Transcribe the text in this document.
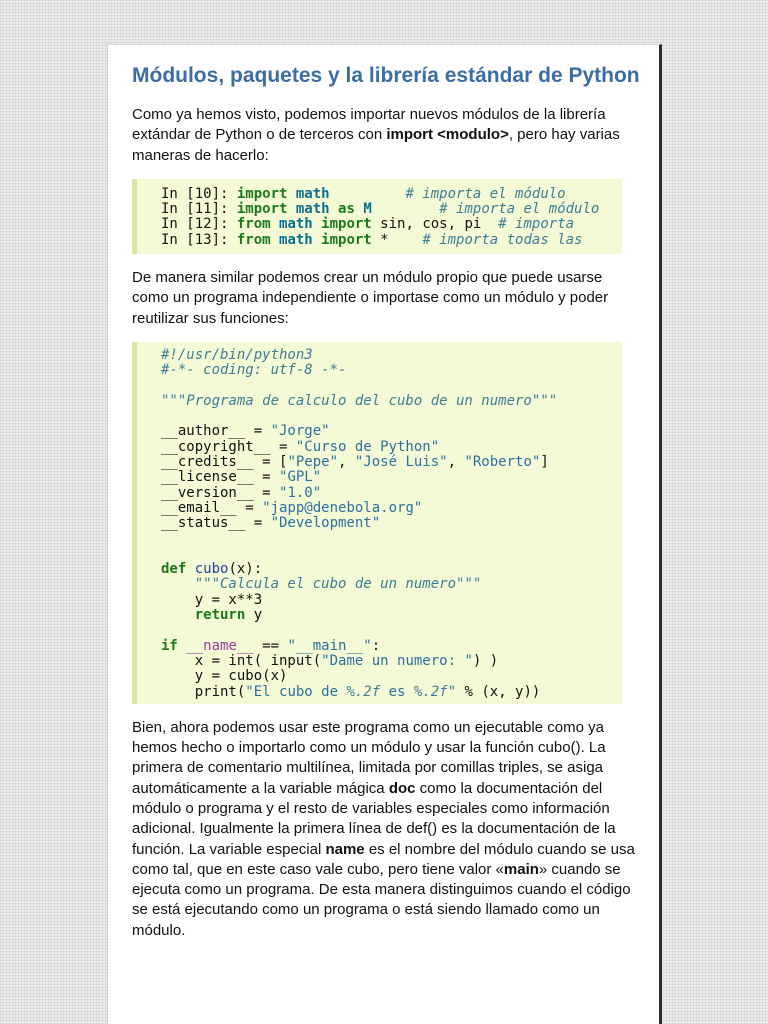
Módulos, paquetes y la librería estándar de Python

Como ya hemos visto, podemos importar nuevos módulos de la librería extándar de Python o de terceros con import <modulo>, pero hay varias maneras de hacerlo:

In [10]: import math	# importa el módulo
In [11]: import math as M	# importa el módulo
In [12]: from math import sin, cos, pi  # importa
In [13]: from math import *    # importa todas las

De manera similar podemos crear un módulo propio que puede usarse como un programa independiente o importase como un módulo y poder reutilizar sus funciones:

#!/usr/bin/python3
#-*- coding: utf-8 -*-
"""Programa de calculo del cubo de un numero"""
__author__ = "Jorge"
__copyright__ = "Curso de Python"
__credits__ = ["Pepe", "José Luis", "Roberto"]
__license__ = "GPL"
__version__ = "1.0"
__email__ = "japp@denebola.org"
__status__ = "Development"
def cubo(x):
"""Calcula el cubo de un numero"""
y = x**3
return y
if __name__ == "__main__":
x = int( input("Dame un numero: ") )
y = cubo(x)
print("El cubo de %.2f es %.2f" % (x, y))

Bien, ahora podemos usar este programa como un ejecutable como ya hemos hecho o importarlo como un módulo y usar la función cubo(). La primera de comentario multilínea, limitada por comillas triples, se asiga automáticamente a la variable mágica doc como la documentación del módulo o programa y el resto de variables especiales como información adicional. Igualmente la primera línea de def() es la documentación de la función. La variable especial name es el nombre del módulo cuando se usa como tal, que en este caso vale cubo, pero tiene valor «main» cuando se ejecuta como un programa. De esta manera distinguimos cuando el código se está ejecutando como un programa o está siendo llamado como un módulo.
